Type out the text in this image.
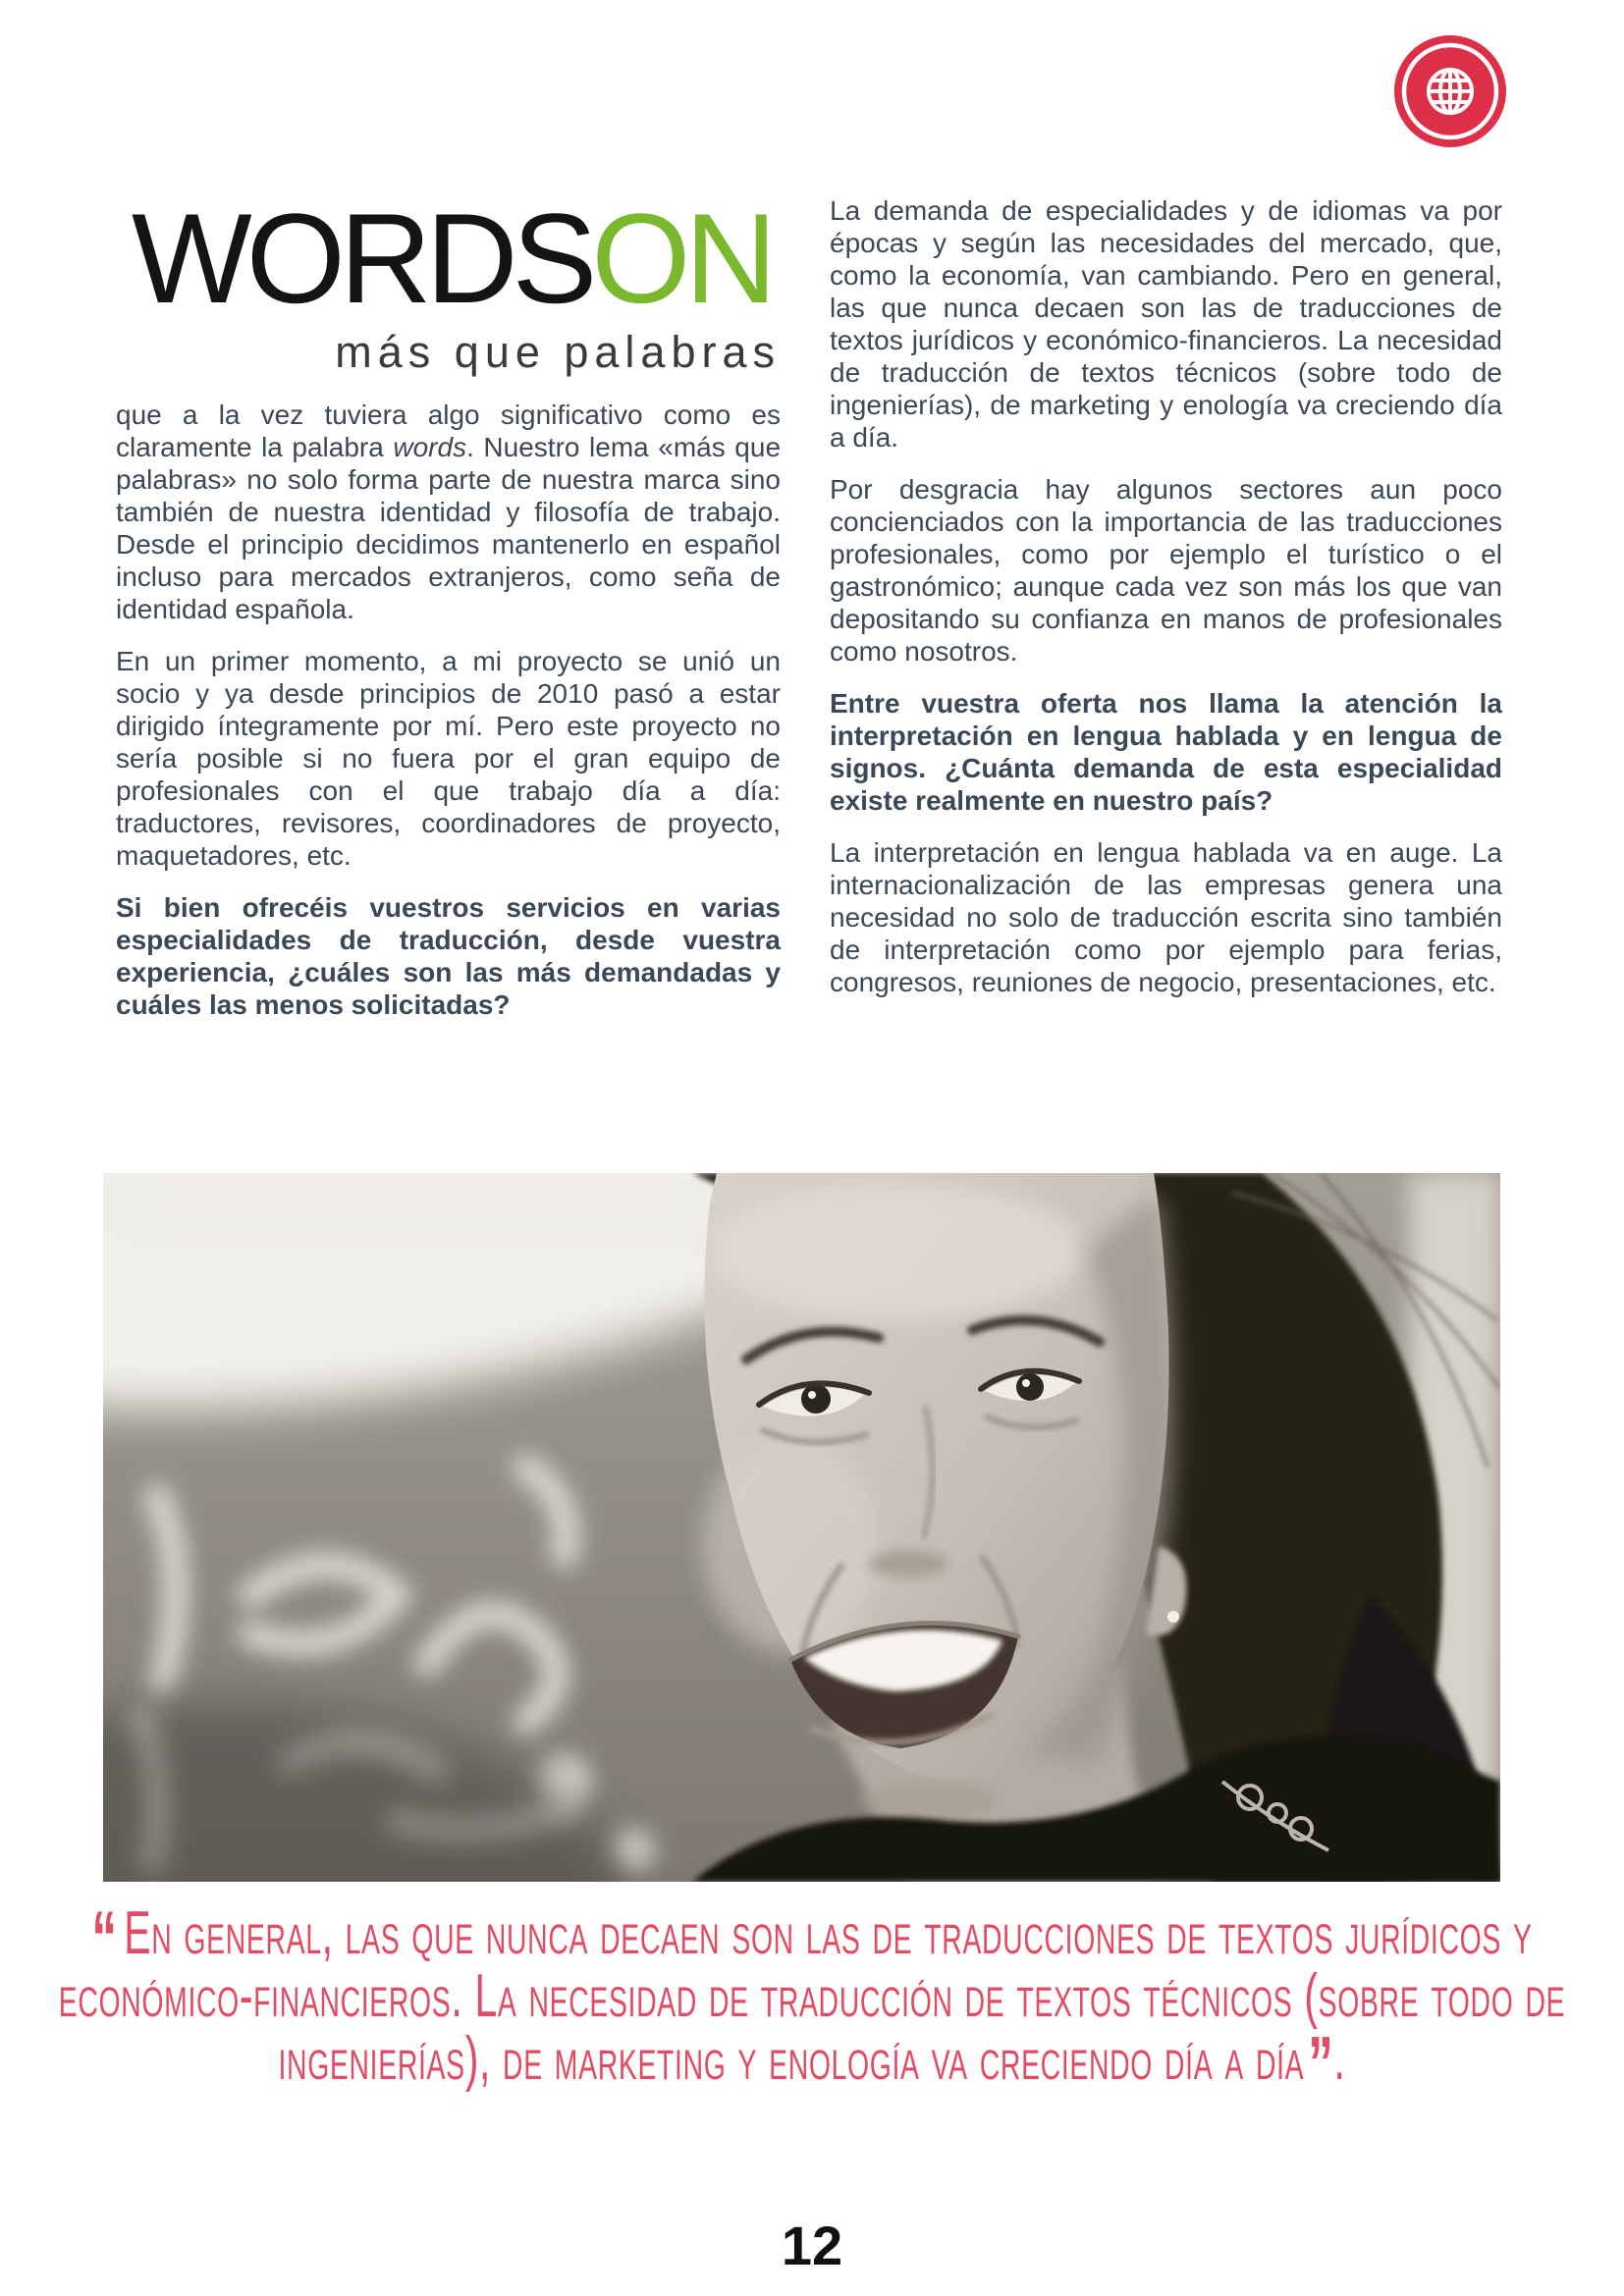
WORDSON
más que palabras

que a la vez tuviera algo significativo como es claramente la palabra words. Nuestro lema «más que palabras» no solo forma parte de nuestra marca sino también de nuestra identidad y filosofía de trabajo. Desde el principio decidimos mantenerlo en español incluso para mercados extranjeros, como seña de identidad española.

En un primer momento, a mi proyecto se unió un socio y ya desde principios de 2010 pasó a estar dirigido íntegramente por mí. Pero este proyecto no sería posible si no fuera por el gran equipo de profesionales con el que trabajo día a día: traductores, revisores, coordinadores de proyecto, maquetadores, etc.

Si bien ofrecéis vuestros servicios en varias especialidades de traducción, desde vuestra experiencia, ¿cuáles son las más demandadas y cuáles las menos solicitadas?

La demanda de especialidades y de idiomas va por épocas y según las necesidades del mercado, que, como la economía, van cambiando. Pero en general, las que nunca decaen son las de traducciones de textos jurídicos y económico-financieros. La necesidad de traducción de textos técnicos (sobre todo de ingenierías), de marketing y enología va creciendo día a día.

Por desgracia hay algunos sectores aun poco concienciados con la importancia de las traducciones profesionales, como por ejemplo el turístico o el gastronómico; aunque cada vez son más los que van depositando su confianza en manos de profesionales como nosotros.

Entre vuestra oferta nos llama la atención la interpretación en lengua hablada y en lengua de signos. ¿Cuánta demanda de esta especialidad existe realmente en nuestro país?

La interpretación en lengua hablada va en auge. La internacionalización de las empresas genera una necesidad no solo de traducción escrita sino también de interpretación como por ejemplo para ferias, congresos, reuniones de negocio, presentaciones, etc.

“ En general, las que nunca decaen son las de traducciones de textos jurídicos y
económico-financieros. La necesidad de traducción de textos técnicos (sobre todo de
ingenierías), de marketing y enología va creciendo día a día”.
12
